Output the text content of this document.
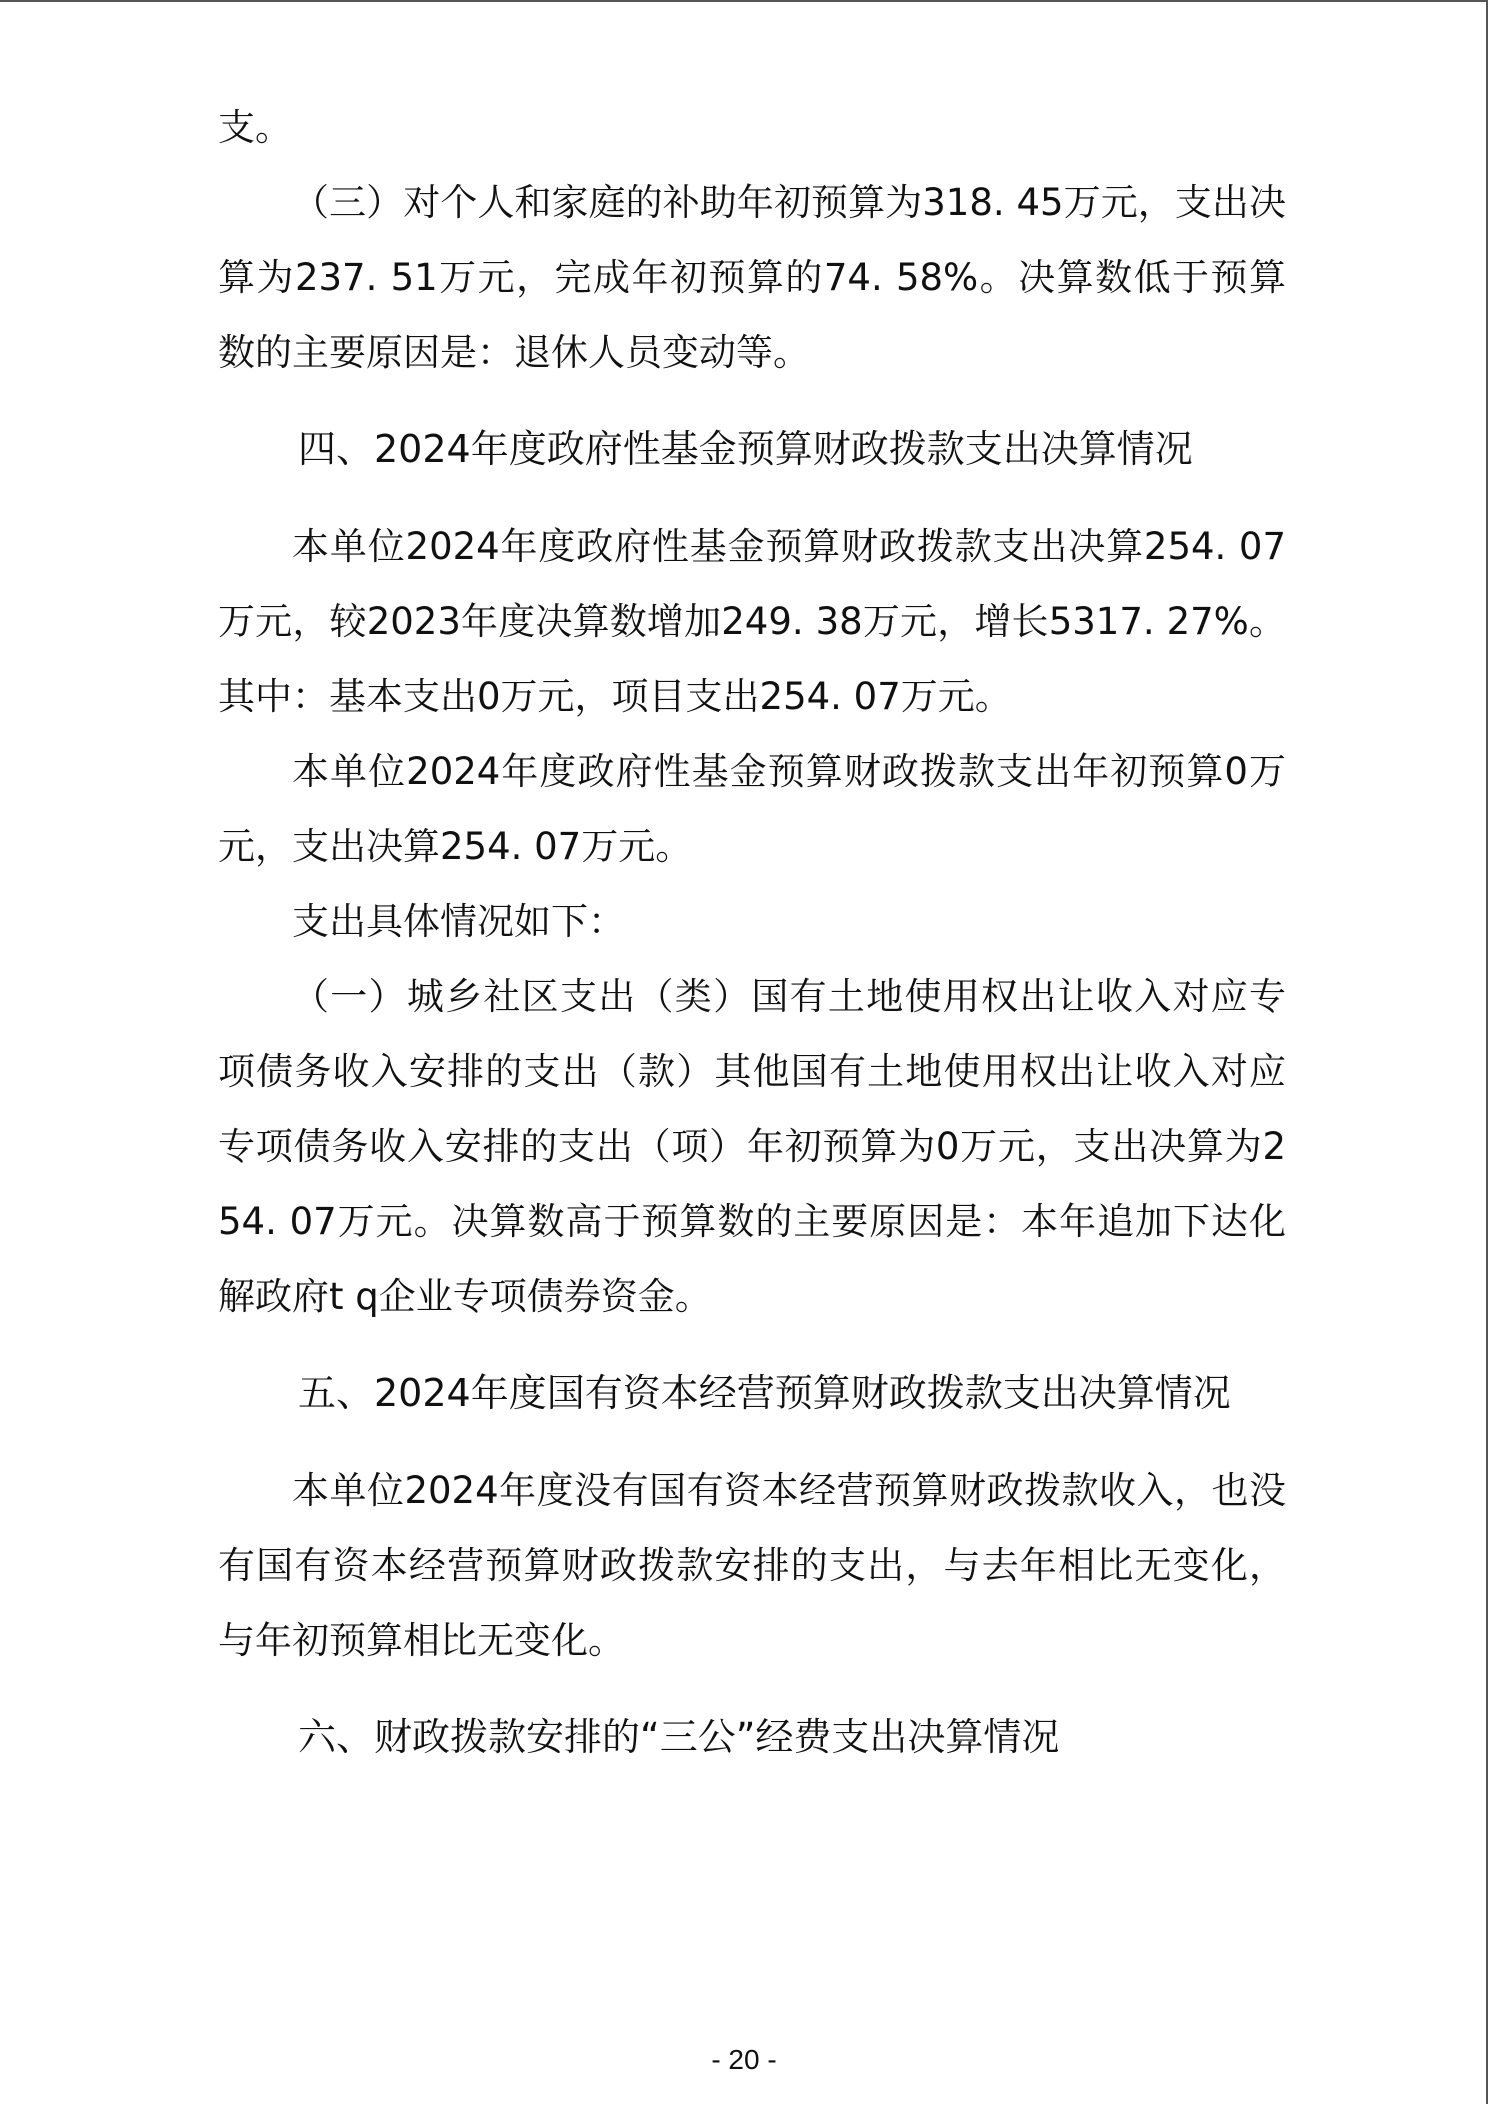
支。

（三）对个人和家庭的补助年初预算为318. 45万元，支出决算为237. 51万元，完成年初预算的74. 58%。决算数低于预算数的主要原因是：退休人员变动等。

四、2024年度政府性基金预算财政拨款支出决算情况

本单位2024年度政府性基金预算财政拨款支出决算254. 07万元，较2023年度决算数增加249. 38万元，增长5317. 27%。其中：基本支出0万元，项目支出254. 07万元。

本单位2024年度政府性基金预算财政拨款支出年初预算0万元，支出决算254. 07万元。

支出具体情况如下：

（一）城乡社区支出（类）国有土地使用权出让收入对应专项债务收入安排的支出（款）其他国有土地使用权出让收入对应专项债务收入安排的支出（项）年初预算为0万元，支出决算为254. 07万元。决算数高于预算数的主要原因是：本年追加下达化解政府t q企业专项债券资金。

五、2024年度国有资本经营预算财政拨款支出决算情况

本单位2024年度没有国有资本经营预算财政拨款收入，也没有国有资本经营预算财政拨款安排的支出，与去年相比无变化，与年初预算相比无变化。

六、财政拨款安排的“三公”经费支出决算情况
- 20 -
